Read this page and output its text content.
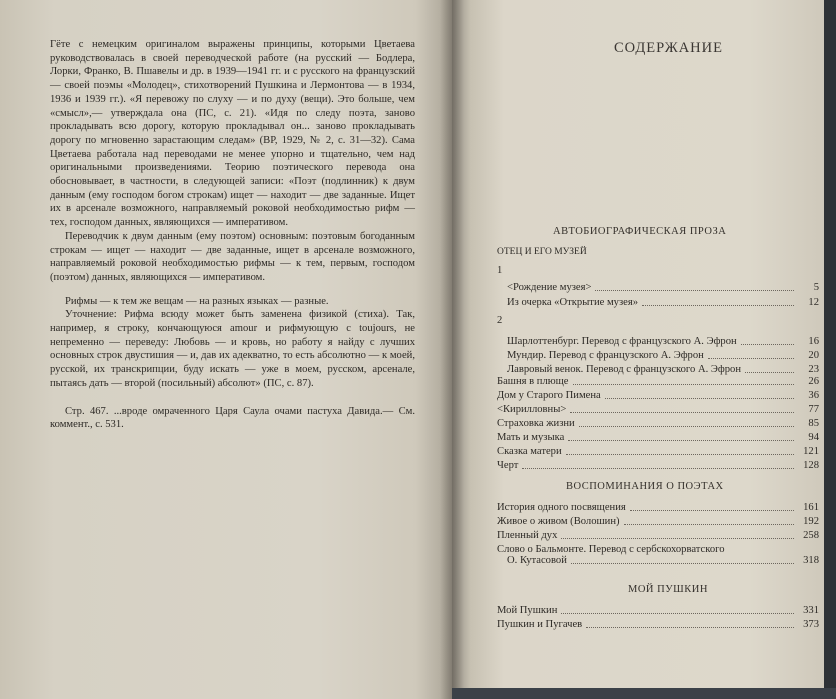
Гёте с немецким оригиналом выражены принципы, которыми Цветаева руководствовалась в своей переводческой работе (на русский — Бодлера, Лорки, Франко, В. Пшавелы и др. в 1939—1941 гг. и с русского на французский — своей поэмы «Молодец», стихотворений Пушкина и Лермонтова — в 1934, 1936 и 1939 гг.). «Я перевожу по слуху — и по духу (вещи). Это больше, чем «смысл»,— утверждала она (ПС, с. 21). «Идя по следу поэта, заново прокладывать всю дорогу, которую прокладывал он... заново прокладывать дорогу по мгновенно зарастающим следам» (ВР, 1929, № 2, с. 31—32). Сама Цветаева работала над переводами не менее упорно и тщательно, чем над оригинальными произведениями. Теорию поэтического перевода она обосновывает, в частности, в следующей записи: «Поэт (подлинник) к двум данным (ему господом богом строкам) ищет — находит — две заданные. Ищет их в арсенале возможного, направляемый роковой необходимостью рифм — тех, господом данных, являющихся — императивом.

Переводчик к двум данным (ему поэтом) основным: поэтовым богоданным строкам — ищет — находит — две заданные, ищет в арсенале возможного, направляемый роковой необходимостью рифмы — к тем, первым, господом (поэтом) данных, являющихся — императивом.

Рифмы — к тем же вещам — на разных языках — разные.

Уточнение: Рифма всюду может быть заменена физикой (стиха). Так, например, я строку, кончающуюся amour и рифмующую с toujours, не непременно — переведу: Любовь — и кровь, но работу я найду с лучших основных строк двустишия — и, дав их адекватно, то есть абсолютно — к моей, русской, их транскрипции, буду искать — уже в моем, русском, арсенале, пытаясь дать — второй (посильный) абсолют» (ПС, с. 87).

Стр. 467. ...вроде омраченного Царя Саула очами пастуха Давида.— См. коммент., с. 531.

СОДЕРЖАНИЕ
АВТОБИОГРАФИЧЕСКАЯ ПРОЗА
ОТЕЦ И ЕГО МУЗЕЙ
1
<Рождение музея>	5
Из очерка «Открытие музея»	12
2
Шарлоттенбург. Перевод с французского А. Эфрон	16
Мундир. Перевод с французского А. Эфрон	20
Лавровый венок. Перевод с французского А. Эфрон	23
Башня в плюще	26
Дом у Старого Пимена	36
<Кирилловны>	77
Страховка жизни	85
Мать и музыка	94
Сказка матери	121
Черт	128
ВОСПОМИНАНИЯ О ПОЭТАХ
История одного посвящения	161
Живое о живом (Волошин)	192
Пленный дух	258
Слово о Бальмонте. Перевод с сербскохорватского
О. Кутасовой	318
МОЙ ПУШКИН
Мой Пушкин	331
Пушкин и Пугачев	373
